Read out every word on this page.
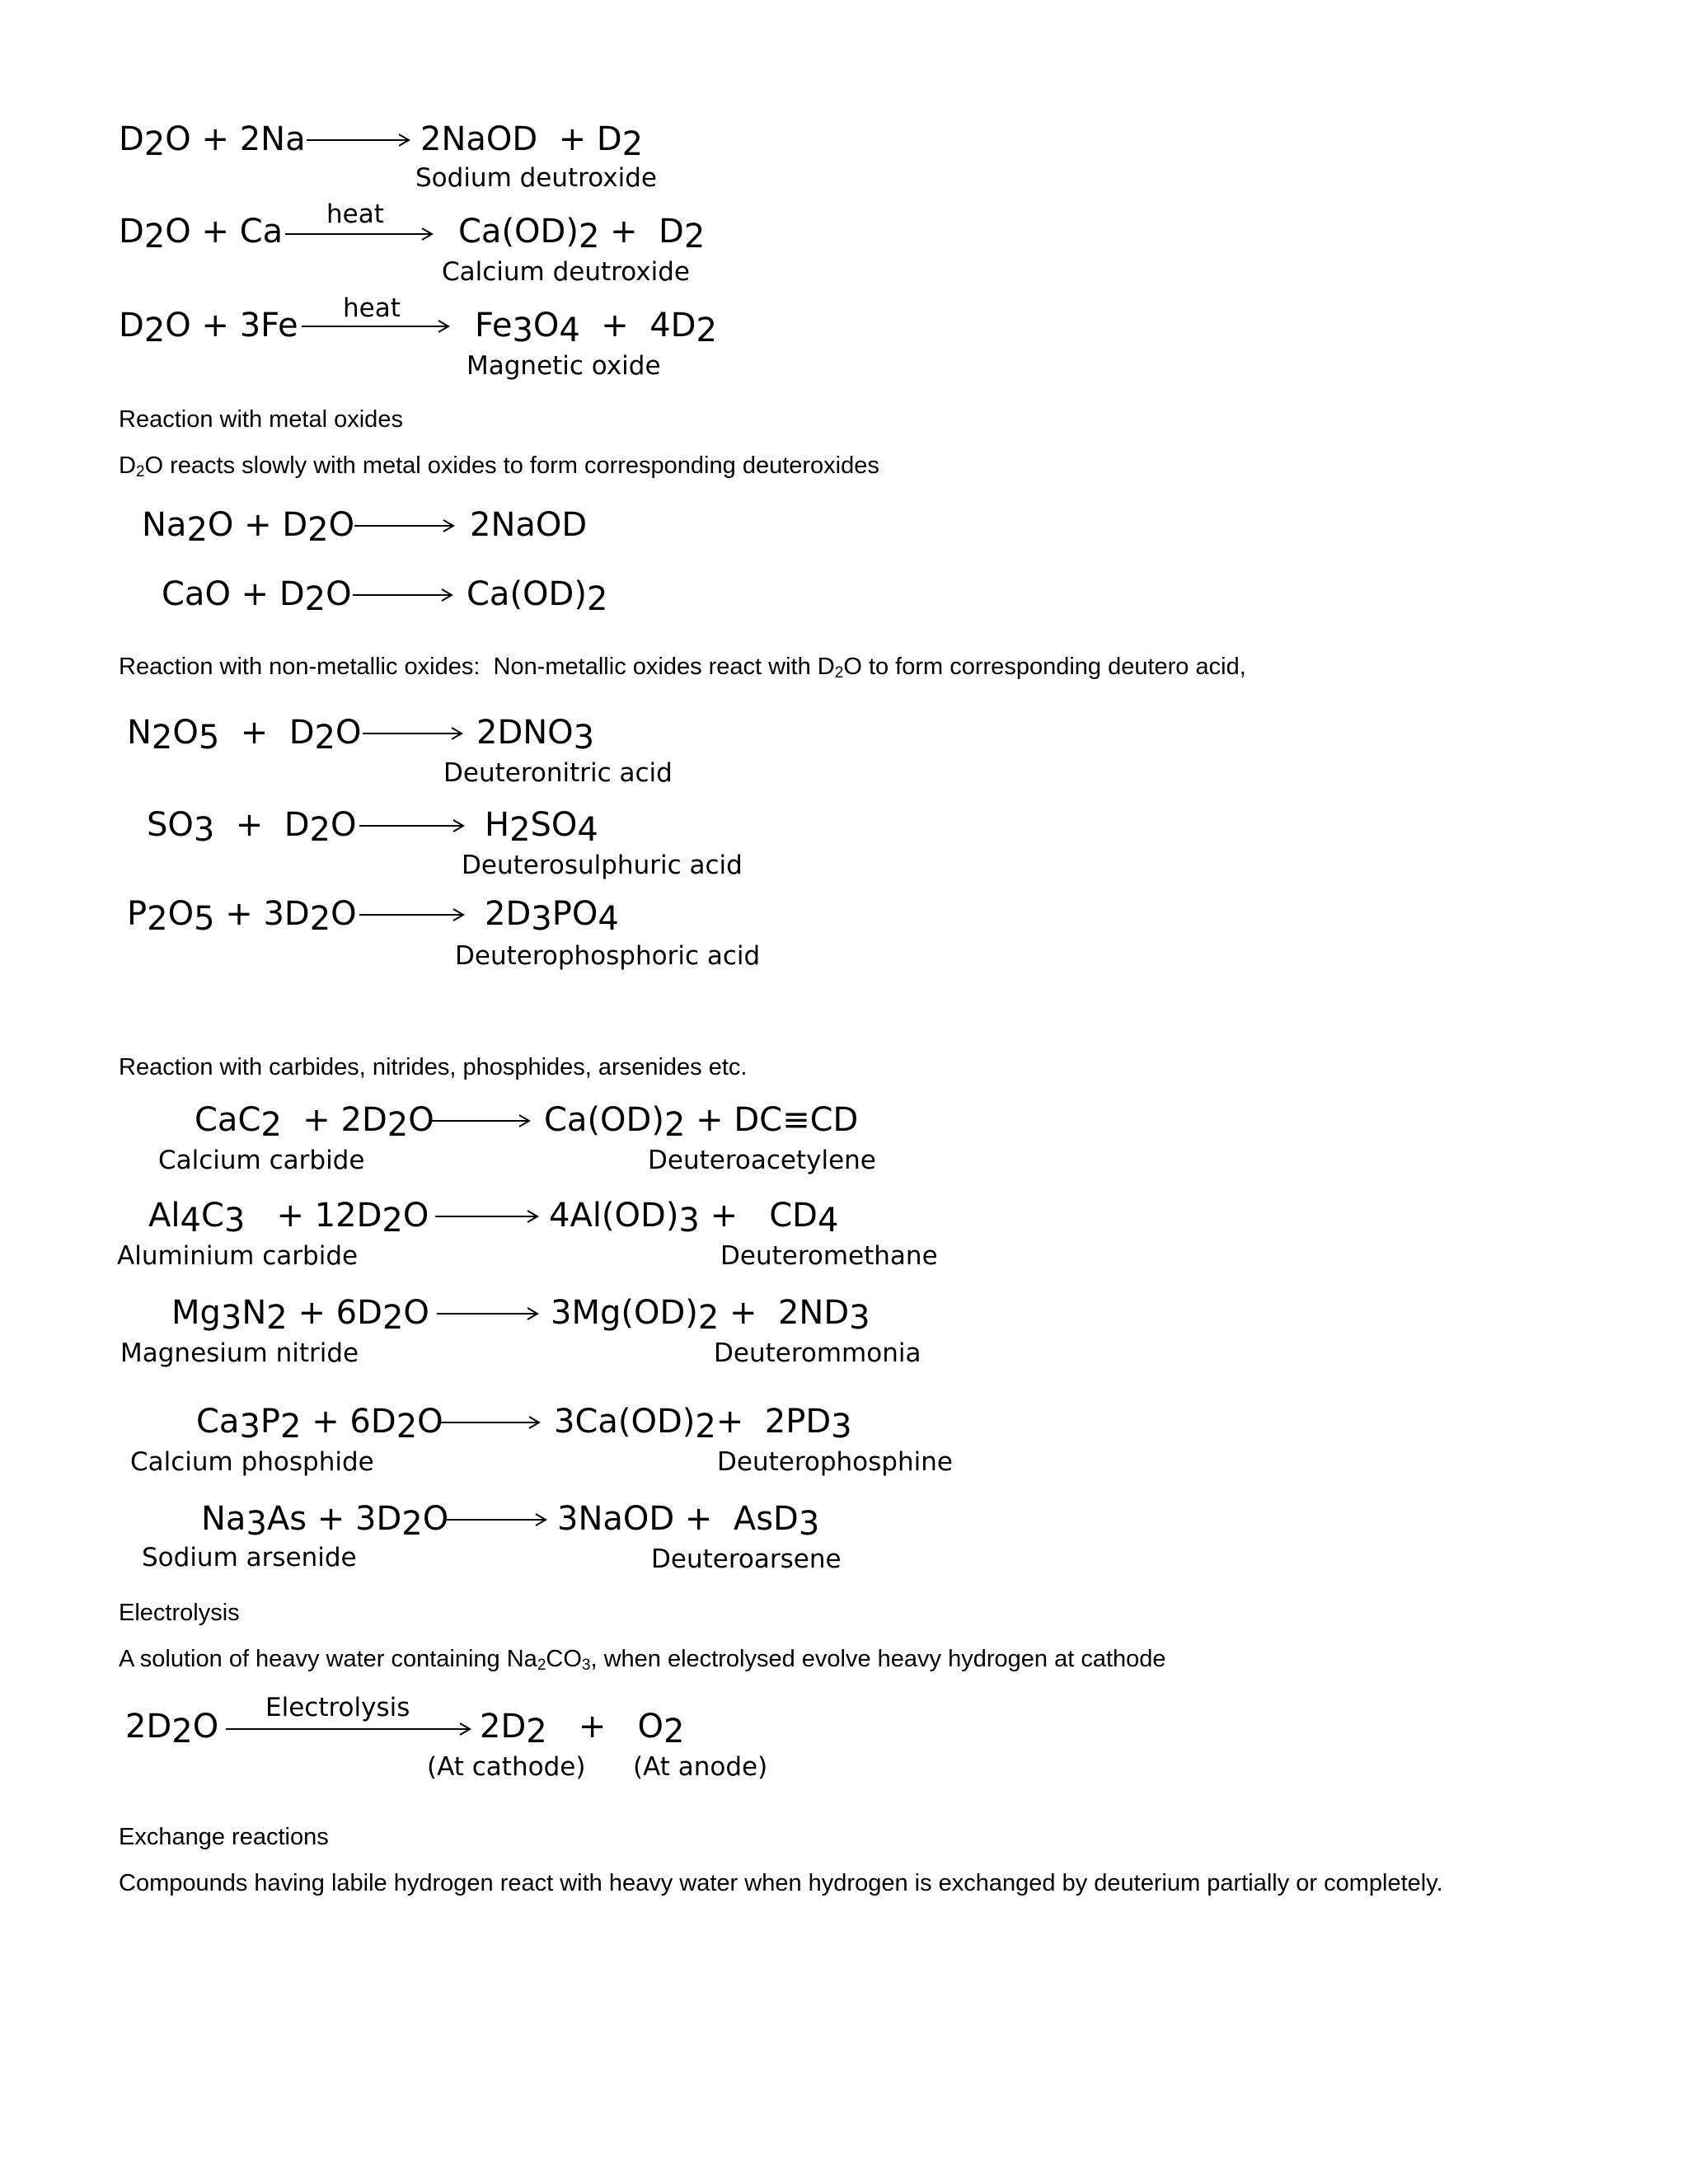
D2O + 2Na	2NaOD  + D2
Sodium deutroxide
D2O + Ca heat Ca(OD)2 +  D2
Calcium deutroxide
D2O + 3Fe heat Fe3O4  +  4D2
Magnetic oxide
Reaction with metal oxides
$D_2O$ reacts slowly with metal oxides to form corresponding deuteroxides
Na2O + D2O	2NaOD
CaO + D2O	Ca(OD)2
Reaction with non-metallic oxides:  Non-metallic oxides react with $D_2O$ to form corresponding deutero acid,
N2O5  +  D2O	2DNO3
Deuteronitric acid
SO3  +  D2O	H2SO4
Deuterosulphuric acid
P2O5 + 3D2O	2D3PO4
Deuterophosphoric acid
Reaction with carbides, nitrides, phosphides, arsenides etc.
CaC2  + 2D2O	Ca(OD)2 + DC≡CD
Calcium carbide	Deuteroacetylene
Al4C3   + 12D2O	4Al(OD)3 +   CD4
Aluminium carbide	Deuteromethane
Mg3N2 + 6D2O	3Mg(OD)2 +  2ND3
Magnesium nitride	Deuterommonia
Ca3P2 + 6D2O	3Ca(OD)2+  2PD3
Calcium phosphide	Deuterophosphine
Na3As + 3D2O	3NaOD +  AsD3
Sodium arsenide	Deuteroarsene
Electrolysis
A solution of heavy water containing $Na_2CO_3$, when electrolysed evolve heavy hydrogen at cathode
2D2O Electrolysis 2D2   +   O2
(At cathode) (At anode)
Exchange reactions
Compounds having labile hydrogen react with heavy water when hydrogen is exchanged by deuterium partially or completely.
